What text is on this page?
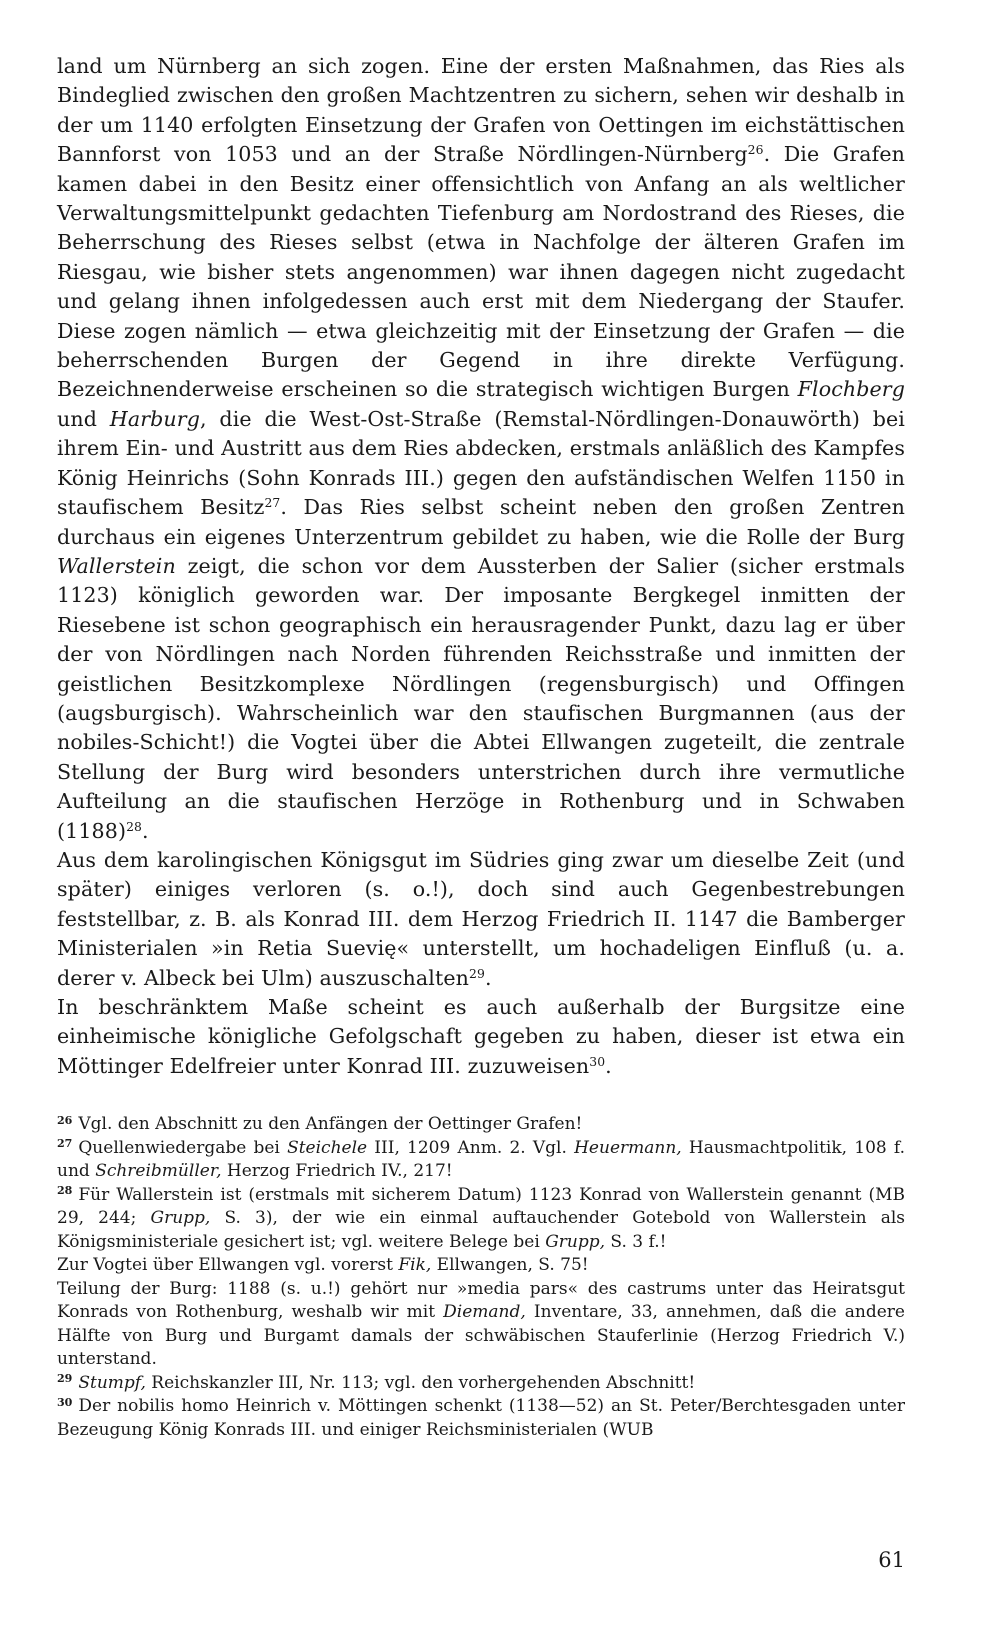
land um Nürnberg an sich zogen. Eine der ersten Maßnahmen, das Ries als Bindeglied zwischen den großen Machtzentren zu sichern, sehen wir deshalb in der um 1140 erfolgten Einsetzung der Grafen von Oettingen im eichstättischen Bannforst von 1053 und an der Straße Nördlingen-Nürnberg$^{26}$. Die Grafen kamen dabei in den Besitz einer offensichtlich von Anfang an als weltlicher Verwaltungsmittelpunkt gedachten Tiefenburg am Nordostrand des Rieses, die Beherrschung des Rieses selbst (etwa in Nachfolge der älteren Grafen im Riesgau, wie bisher stets angenommen) war ihnen dagegen nicht zugedacht und gelang ihnen infolgedessen auch erst mit dem Niedergang der Staufer. Diese zogen nämlich — etwa gleichzeitig mit der Einsetzung der Grafen — die beherrschenden Burgen der Gegend in ihre direkte Verfügung. Bezeichnenderweise erscheinen so die strategisch wichtigen Burgen Flochberg und Harburg, die die West-Ost-Straße (Remstal-Nördlingen-Donauwörth) bei ihrem Ein- und Austritt aus dem Ries abdecken, erstmals anläßlich des Kampfes König Heinrichs (Sohn Konrads III.) gegen den aufständischen Welfen 1150 in staufischem Besitz$^{27}$. Das Ries selbst scheint neben den großen Zentren durchaus ein eigenes Unterzentrum gebildet zu haben, wie die Rolle der Burg Wallerstein zeigt, die schon vor dem Aussterben der Salier (sicher erstmals 1123) königlich geworden war. Der imposante Bergkegel inmitten der Riesebene ist schon geographisch ein herausragender Punkt, dazu lag er über der von Nördlingen nach Norden führenden Reichsstraße und inmitten der geistlichen Besitzkomplexe Nördlingen (regensburgisch) und Offingen (augsburgisch). Wahrscheinlich war den staufischen Burgmannen (aus der nobiles-Schicht!) die Vogtei über die Abtei Ellwangen zugeteilt, die zentrale Stellung der Burg wird besonders unterstrichen durch ihre vermutliche Aufteilung an die staufischen Herzöge in Rothenburg und in Schwaben $(1188)^{28}$.

Aus dem karolingischen Königsgut im Südries ging zwar um dieselbe Zeit (und später) einiges verloren (s. o.!), doch sind auch Gegenbestrebungen feststellbar, z. B. als Konrad III. dem Herzog Friedrich II. 1147 die Bamberger Ministerialen »in Retia Suevię« unterstellt, um hochadeligen Einfluß (u. a. derer v. Albeck bei Ulm) auszuschalten$^{29}$.

In beschränktem Maße scheint es auch außerhalb der Burgsitze eine einheimische königliche Gefolgschaft gegeben zu haben, dieser ist etwa ein Möttinger Edelfreier unter Konrad III. zuzuweisen$^{30}$.

$^{26}$ Vgl. den Abschnitt zu den Anfängen der Oettinger Grafen!

$^{27}$ Quellenwiedergabe bei Steichele III, 1209 Anm. 2. Vgl. Heuermann, Hausmachtpolitik, 108 f. und Schreibmüller, Herzog Friedrich IV., 217!

$^{28}$ Für Wallerstein ist (erstmals mit sicherem Datum) 1123 Konrad von Wallerstein genannt (MB 29, 244; Grupp, S. 3), der wie ein einmal auftauchender Gotebold von Wallerstein als Königsministeriale gesichert ist; vgl. weitere Belege bei Grupp, S. 3 f.!

Zur Vogtei über Ellwangen vgl. vorerst Fik, Ellwangen, S. 75!

Teilung der Burg: 1188 (s. u.!) gehört nur »media pars« des castrums unter das Heiratsgut Konrads von Rothenburg, weshalb wir mit Diemand, Inventare, 33, annehmen, daß die andere Hälfte von Burg und Burgamt damals der schwäbischen Stauferlinie (Herzog Friedrich V.) unterstand.

$^{29}$ Stumpf, Reichskanzler III, Nr. 113; vgl. den vorhergehenden Abschnitt!

$^{30}$ Der nobilis homo Heinrich v. Möttingen schenkt (1138—52) an St. Peter/Berchtesgaden unter Bezeugung König Konrads III. und einiger Reichsministerialen (WUB

61
